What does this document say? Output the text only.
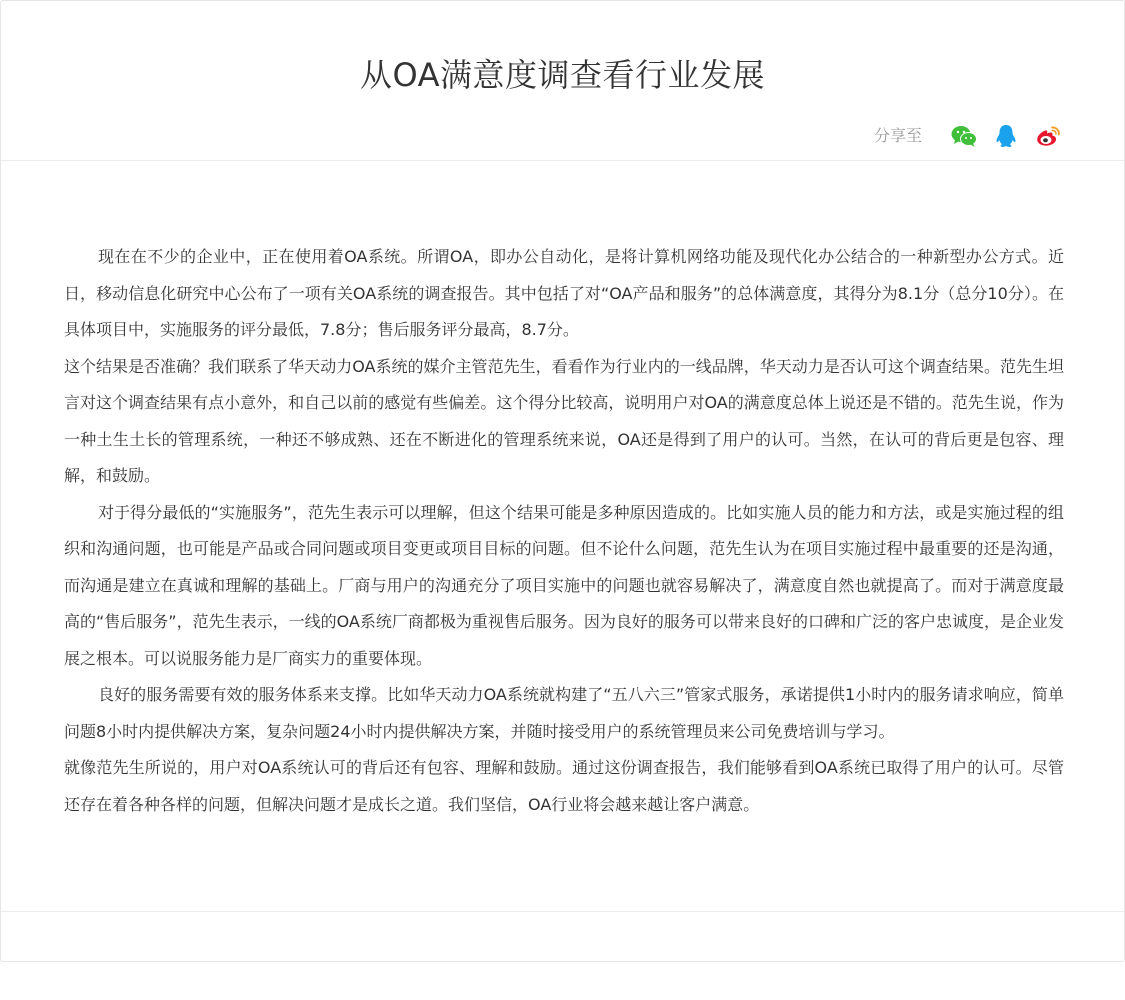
从OA满意度调查看行业发展
分享至

现在在不少的企业中，正在使用着OA系统。所谓OA，即办公自动化，是将计算机网络功能及现代化办公结合的一种新型办公方式。近日，移动信息化研究中心公布了一项有关OA系统的调查报告。其中包括了对“OA产品和服务”的总体满意度，其得分为8.1分（总分10分）。在具体项目中，实施服务的评分最低，7.8分；售后服务评分最高，8.7分。

这个结果是否准确？我们联系了华天动力OA系统的媒介主管范先生，看看作为行业内的一线品牌，华天动力是否认可这个调查结果。范先生坦言对这个调查结果有点小意外，和自己以前的感觉有些偏差。这个得分比较高，说明用户对OA的满意度总体上说还是不错的。范先生说，作为一种土生土长的管理系统，一种还不够成熟、还在不断进化的管理系统来说，OA还是得到了用户的认可。当然，在认可的背后更是包容、理解，和鼓励。

对于得分最低的“实施服务”，范先生表示可以理解，但这个结果可能是多种原因造成的。比如实施人员的能力和方法，或是实施过程的组织和沟通问题，也可能是产品或合同问题或项目变更或项目目标的问题。但不论什么问题，范先生认为在项目实施过程中最重要的还是沟通，而沟通是建立在真诚和理解的基础上。厂商与用户的沟通充分了项目实施中的问题也就容易解决了，满意度自然也就提高了。而对于满意度最高的“售后服务”，范先生表示，一线的OA系统厂商都极为重视售后服务。因为良好的服务可以带来良好的口碑和广泛的客户忠诚度，是企业发展之根本。可以说服务能力是厂商实力的重要体现。

良好的服务需要有效的服务体系来支撑。比如华天动力OA系统就构建了“五八六三”管家式服务，承诺提供1小时内的服务请求响应，简单问题8小时内提供解决方案，复杂问题24小时内提供解决方案，并随时接受用户的系统管理员来公司免费培训与学习。

就像范先生所说的，用户对OA系统认可的背后还有包容、理解和鼓励。通过这份调查报告，我们能够看到OA系统已取得了用户的认可。尽管还存在着各种各样的问题，但解决问题才是成长之道。我们坚信，OA行业将会越来越让客户满意。
